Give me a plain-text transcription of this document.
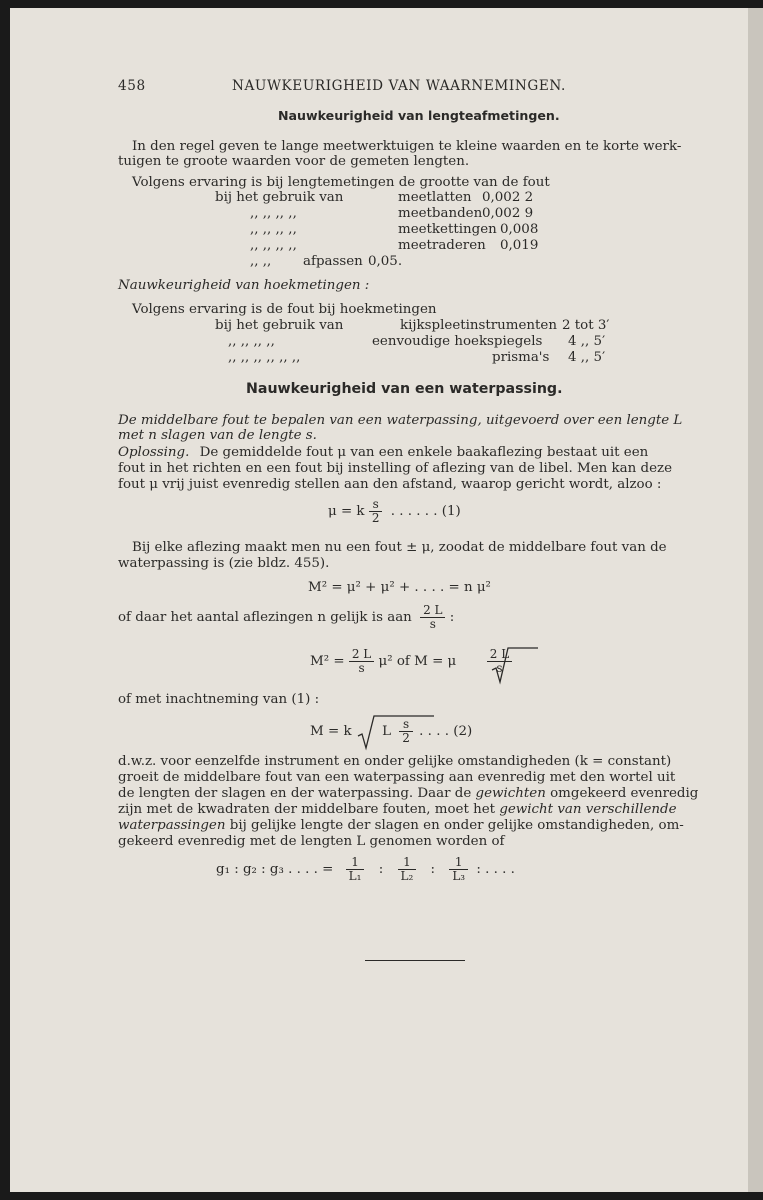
458	NAUWKEURIGHEID VAN WAARNEMINGEN.
Nauwkeurigheid van lengteafmetingen.
In den regel geven te lange meetwerktuigen te kleine waarden en te korte werk-
tuigen te groote waarden voor de gemeten lengten.
Volgens ervaring is bij lengtemetingen de grootte van de fout
bij het gebruik van	meetlatten 0,002 2
,, ,, ,, ,,	meetbanden 0,002 9
,, ,, ,, ,,	meetkettingen 0,008
,, ,, ,, ,,	meetraderen 0,019
,, ,, afpassen 0,05.
Nauwkeurigheid van hoekmetingen :
Volgens ervaring is de fout bij hoekmetingen
bij het gebruik van	kijkspleetinstrumenten 2 tot 3′
,, ,, ,, ,,	eenvoudige hoekspiegels 4 ,, 5′
,, ,, ,, ,, ,, ,,	prisma's 4 ,, 5′
Nauwkeurigheid van een waterpassing.
De middelbare fout te bepalen van een waterpassing, uitgevoerd over een lengte L
met n slagen van de lengte s.
Oplossing. De gemiddelde fout μ van een enkele baakaflezing bestaat uit een
fout in het richten en een fout bij instelling of aflezing van de libel. Men kan deze
fout μ vrij juist evenredig stellen aan den afstand, waarop gericht wordt, alzoo :
μ = k $\frac{s}{2}$ . . . . . . (1)
Bij elke aflezing maakt men nu een fout ± μ, zoodat de middelbare fout van de
waterpassing is (zie bldz. 455).
M² = μ² + μ² + . . . . = n μ²
of daar het aantal aflezingen n gelijk is aan $\frac{2 L}{s}$ :
$M^2 = \frac{2 L}{s} \mu^2$ of M = μ	$\frac{2 L}{s}$
of met inachtneming van (1) :
M = k L $\frac{s}{2}$ . . . . (2)
d.w.z. voor eenzelfde instrument en onder gelijke omstandigheden (k = constant)
groeit de middelbare fout van een waterpassing aan evenredig met den wortel uit
de lengten der slagen en der waterpassing. Daar de gewichten omgekeerd evenredig
zijn met de kwadraten der middelbare fouten, moet het gewicht van verschillende
waterpassingen bij gelijke lengte der slagen en onder gelijke omstandigheden, om-
gekeerd evenredig met de lengten L genomen worden of
g₁ : g₂ : g₃ . . . . = $\frac{1}{\text{L₁}}$ : $\frac{1}{\text{L₂}}$ : $\frac{1}{\text{L₃}}$ : . . . .
